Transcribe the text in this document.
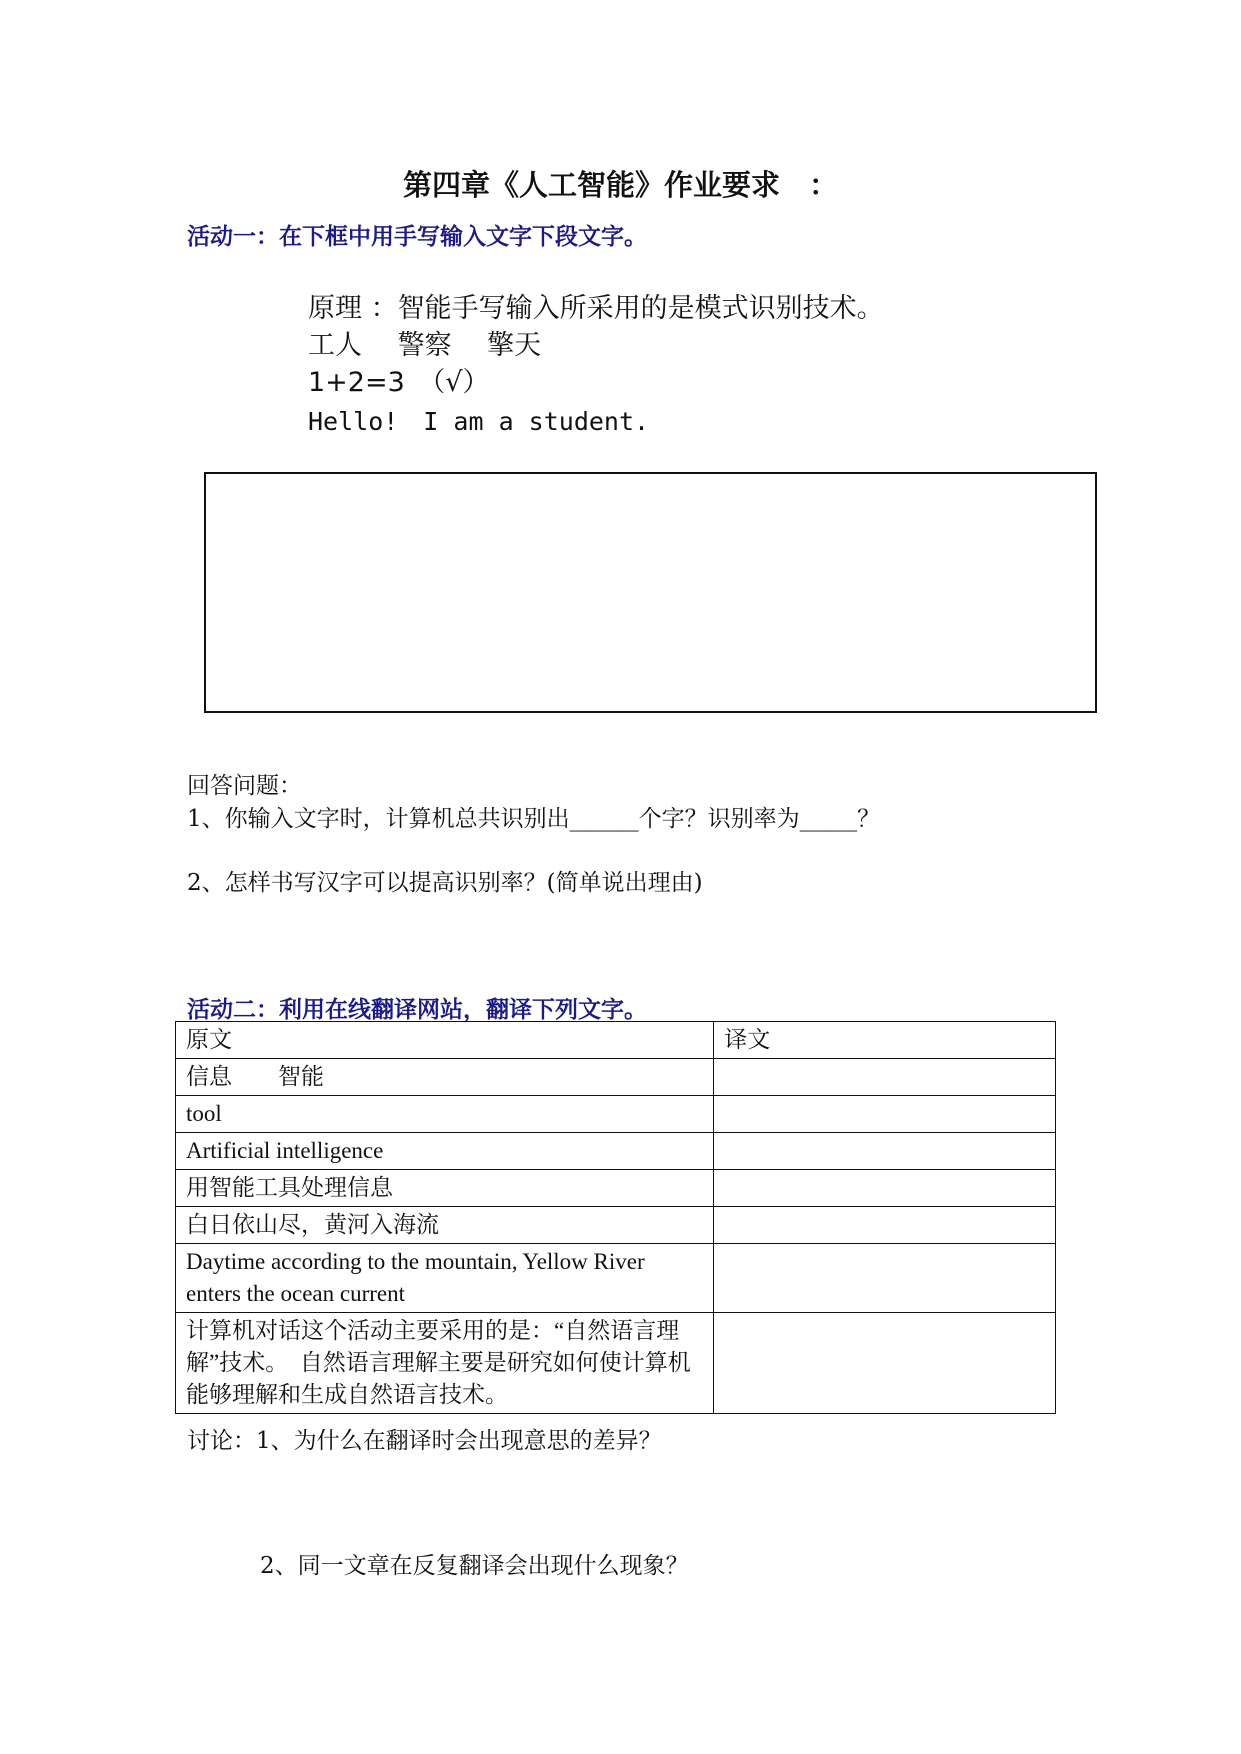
第四章《人工智能》作业要求　：
活动一：在下框中用手写输入文字下段文字。
原理 ：智能手写输入所采用的是模式识别技术。
工人　 警察　 擎天
1+2=3　（√）
Hello!　I am a student.
回答问题：
1、你输入文字时，计算机总共识别出______个字？识别率为_____？
2、怎样书写汉字可以提高识别率？(简单说出理由)
活动二：利用在线翻译网站，翻译下列文字。
原文	译文
信息　　智能	
tool	
Artificial intelligence	
用智能工具处理信息	
白日依山尽，黄河入海流	
Daytime according to the mountain, Yellow River enters the ocean current	
计算机对话这个活动主要采用的是：“自然语言理解”技术。　自然语言理解主要是研究如何使计算机能够理解和生成自然语言技术。	
讨论：1、为什么在翻译时会出现意思的差异？
2、同一文章在反复翻译会出现什么现象？
